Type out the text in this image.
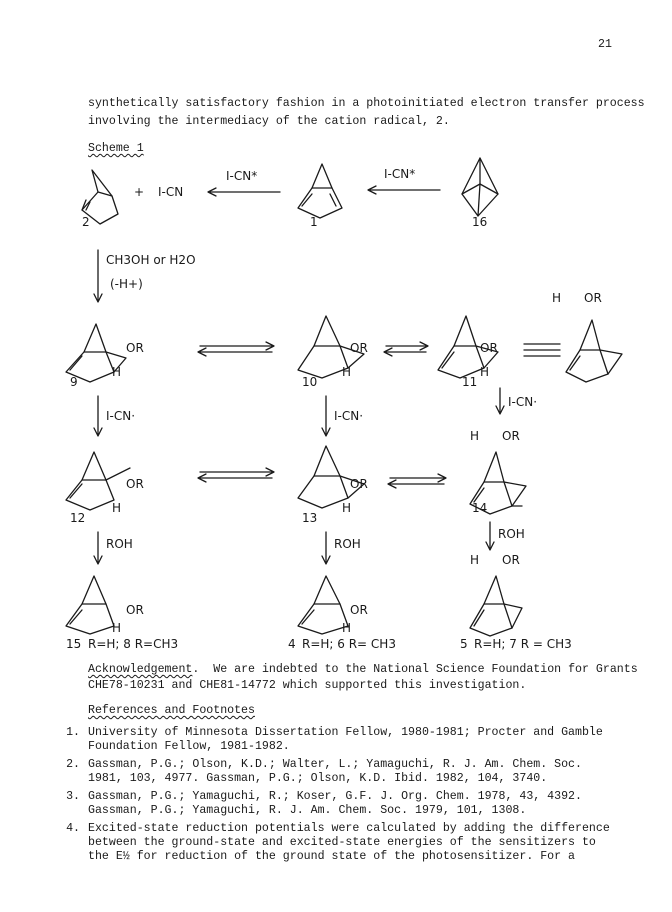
21
synthetically satisfactory fashion in a photoinitiated electron transfer process
involving the intermediacy of the cation radical, 2.
Scheme 1
+ I-CN
I-CN*	I-CN*
2	1	16
CH3OH or H2O
(-H+)
OR
H
OR
H
OR
H
H OR
9	10	11
I-CN·	I-CN·
I-CN·
OR
H
OR
H
H OR
12	13
14
ROH	ROH
ROH
OR
H
OR
H
H OR
15 R=H; 8 R=CH3	4 R=H; 6 R= CH3	5 R=H; 7 R = CH3
Acknowledgement.  We are indebted to the National Science Foundation for Grants
CHE78-10231 and CHE81-14772 which supported this investigation.
References and Footnotes
1. University of Minnesota Dissertation Fellow, 1980-1981; Procter and Gamble
Foundation Fellow, 1981-1982.
2. Gassman, P.G.; Olson, K.D.; Walter, L.; Yamaguchi, R. J. Am. Chem. Soc.
1981, 103, 4977. Gassman, P.G.; Olson, K.D. Ibid. 1982, 104, 3740.
3. Gassman, P.G.; Yamaguchi, R.; Koser, G.F. J. Org. Chem. 1978, 43, 4392.
Gassman, P.G.; Yamaguchi, R. J. Am. Chem. Soc. 1979, 101, 1308.
4. Excited-state reduction potentials were calculated by adding the difference
between the ground-state and excited-state energies of the sensitizers to
the E½ for reduction of the ground state of the photosensitizer. For a
